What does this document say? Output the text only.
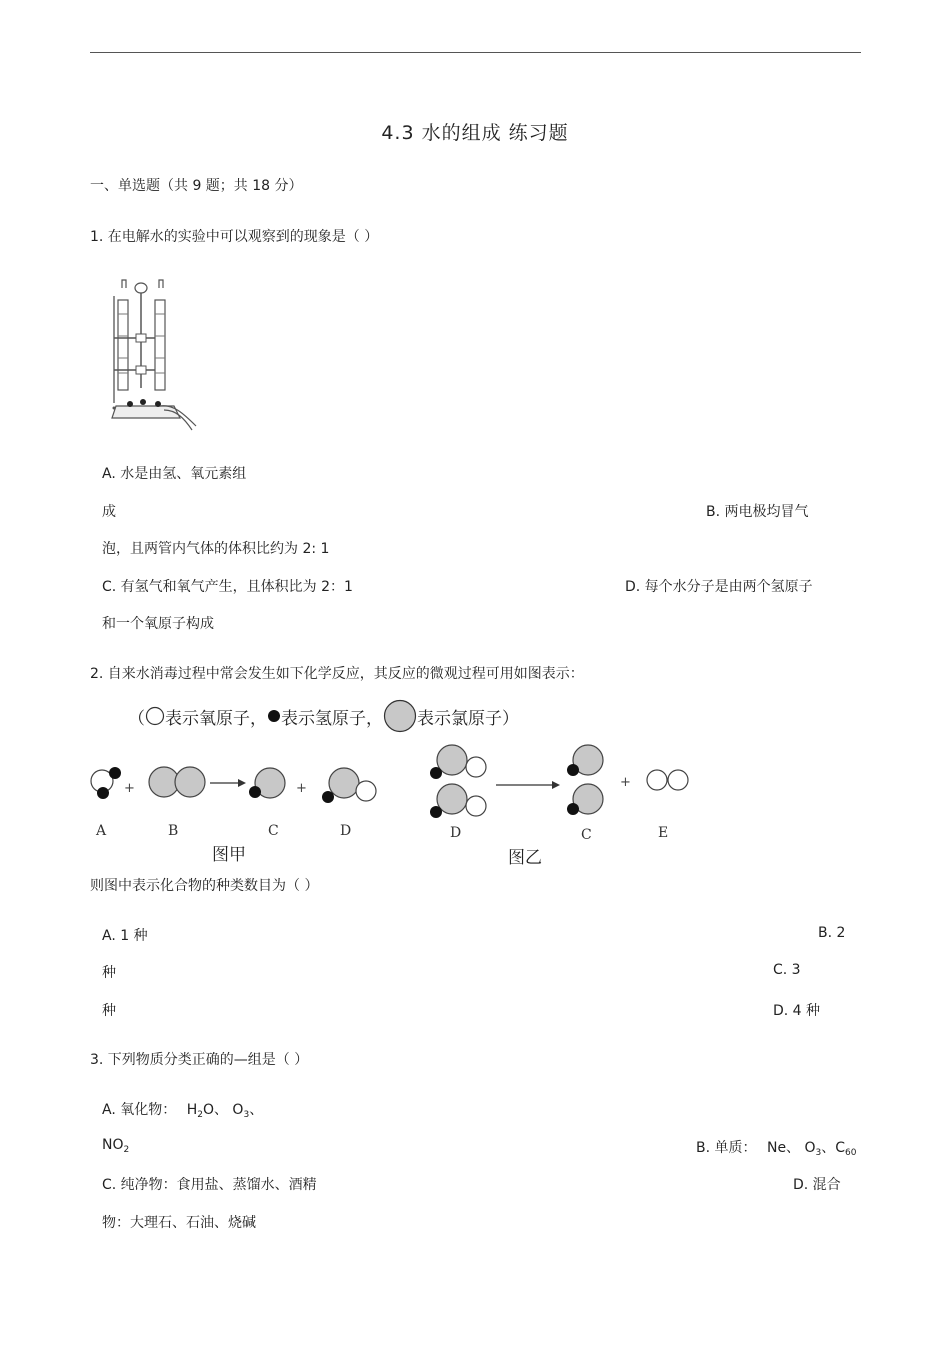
4.3 水的组成 练习题
一、单选题（共 9 题；共 18 分）
1. 在电解水的实验中可以观察到的现象是（ ）
A. 水是由氢、氧元素组
成	B. 两电极均冒气
泡，且两管内气体的体积比约为 2: 1
C. 有氢气和氧气产生，且体积比为 2：1	D. 每个水分子是由两个氢原子
和一个氧原子构成
2. 自来水消毒过程中常会发生如下化学反应，其反应的微观过程可用如图表示：
（ 表示氧原子， 表示氢原子， 表示氯原子）
+	+
A	B	C	D
图甲
+
D	C	E
图乙
则图中表示化合物的种类数目为（ ）
A. 1 种	B. 2
种	C. 3
种	D. 4 种
3. 下列物质分类正确的—组是（ ）
A. 氧化物： $H_2O$、 $O_3$、
$NO_2$	B. 单质： Ne、 $O_3$、$C_{60}$
C. 纯净物：食用盐、蒸馏水、酒精	D. 混合
物：大理石、石油、烧碱
